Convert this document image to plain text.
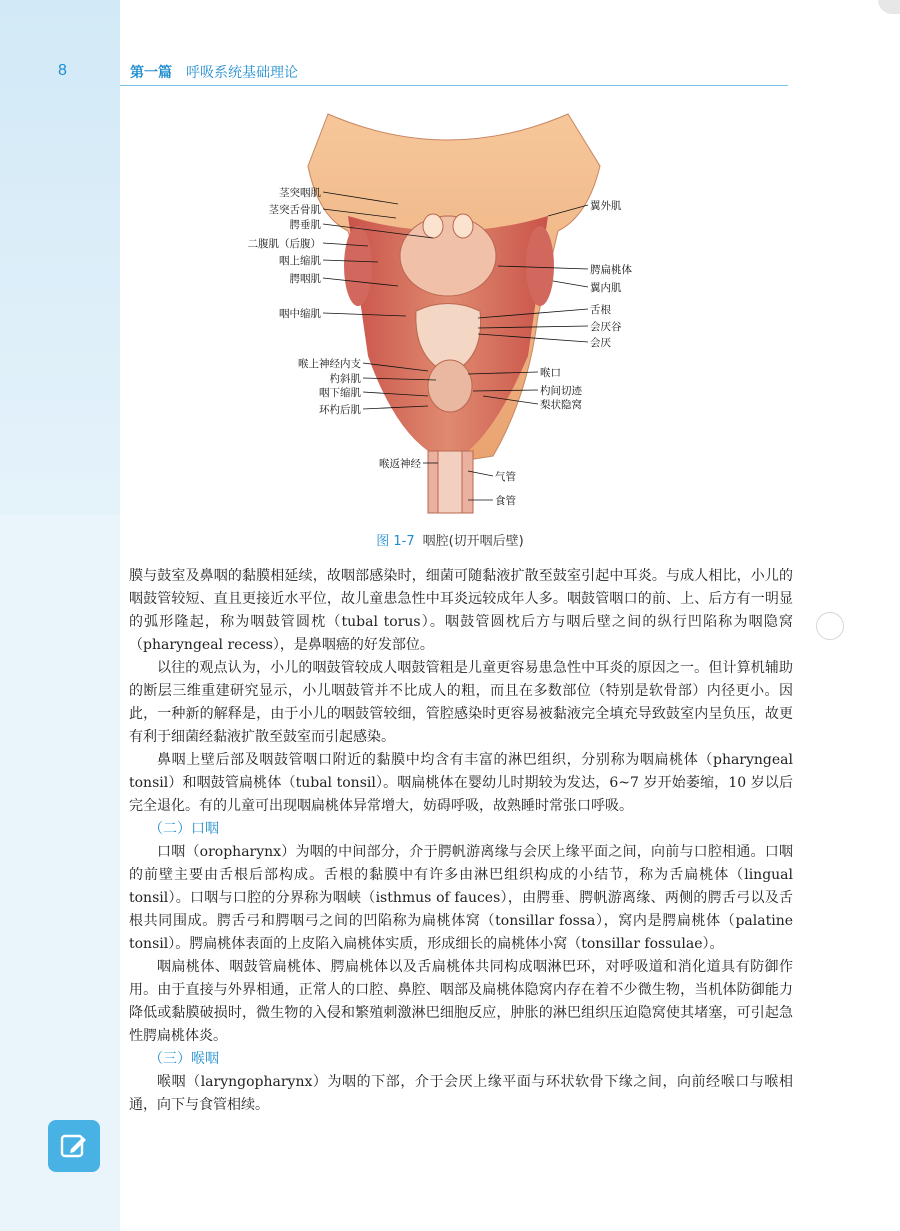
8	第一篇 呼吸系统基础理论
茎突咽肌
茎突舌骨肌
腭垂肌
二腹肌（后腹）
咽上缩肌
腭咽肌
咽中缩肌
喉上神经内支
杓斜肌
咽下缩肌
环杓后肌
喉返神经
翼外肌
腭扁桃体
翼内肌
舌根
会厌谷
会厌
喉口
杓间切迹
梨状隐窝
气管
食管
图 1-7 咽腔(切开咽后壁)

膜与鼓室及鼻咽的黏膜相延续，故咽部感染时，细菌可随黏液扩散至鼓室引起中耳炎。与成人相比，小儿的咽鼓管较短、直且更接近水平位，故儿童患急性中耳炎远较成年人多。咽鼓管咽口的前、上、后方有一明显的弧形隆起，称为咽鼓管圆枕（tubal torus）。咽鼓管圆枕后方与咽后壁之间的纵行凹陷称为咽隐窝（pharyngeal recess），是鼻咽癌的好发部位。

以往的观点认为，小儿的咽鼓管较成人咽鼓管粗是儿童更容易患急性中耳炎的原因之一。但计算机辅助的断层三维重建研究显示，小儿咽鼓管并不比成人的粗，而且在多数部位（特别是软骨部）内径更小。因此，一种新的解释是，由于小儿的咽鼓管较细，管腔感染时更容易被黏液完全填充导致鼓室内呈负压，故更有利于细菌经黏液扩散至鼓室而引起感染。

鼻咽上壁后部及咽鼓管咽口附近的黏膜中均含有丰富的淋巴组织，分别称为咽扁桃体（pharyngeal tonsil）和咽鼓管扁桃体（tubal tonsil）。咽扁桃体在婴幼儿时期较为发达，6~7 岁开始萎缩，10 岁以后完全退化。有的儿童可出现咽扁桃体异常增大，妨碍呼吸，故熟睡时常张口呼吸。

（二）口咽

口咽（oropharynx）为咽的中间部分，介于腭帆游离缘与会厌上缘平面之间，向前与口腔相通。口咽的前壁主要由舌根后部构成。舌根的黏膜中有许多由淋巴组织构成的小结节，称为舌扁桃体（lingual tonsil）。口咽与口腔的分界称为咽峡（isthmus of fauces），由腭垂、腭帆游离缘、两侧的腭舌弓以及舌根共同围成。腭舌弓和腭咽弓之间的凹陷称为扁桃体窝（tonsillar fossa），窝内是腭扁桃体（palatine tonsil）。腭扁桃体表面的上皮陷入扁桃体实质，形成细长的扁桃体小窝（tonsillar fossulae）。

咽扁桃体、咽鼓管扁桃体、腭扁桃体以及舌扁桃体共同构成咽淋巴环，对呼吸道和消化道具有防御作用。由于直接与外界相通，正常人的口腔、鼻腔、咽部及扁桃体隐窝内存在着不少微生物，当机体防御能力降低或黏膜破损时，微生物的入侵和繁殖刺激淋巴细胞反应，肿胀的淋巴组织压迫隐窝使其堵塞，可引起急性腭扁桃体炎。

（三）喉咽

喉咽（laryngopharynx）为咽的下部，介于会厌上缘平面与环状软骨下缘之间，向前经喉口与喉相通，向下与食管相续。
